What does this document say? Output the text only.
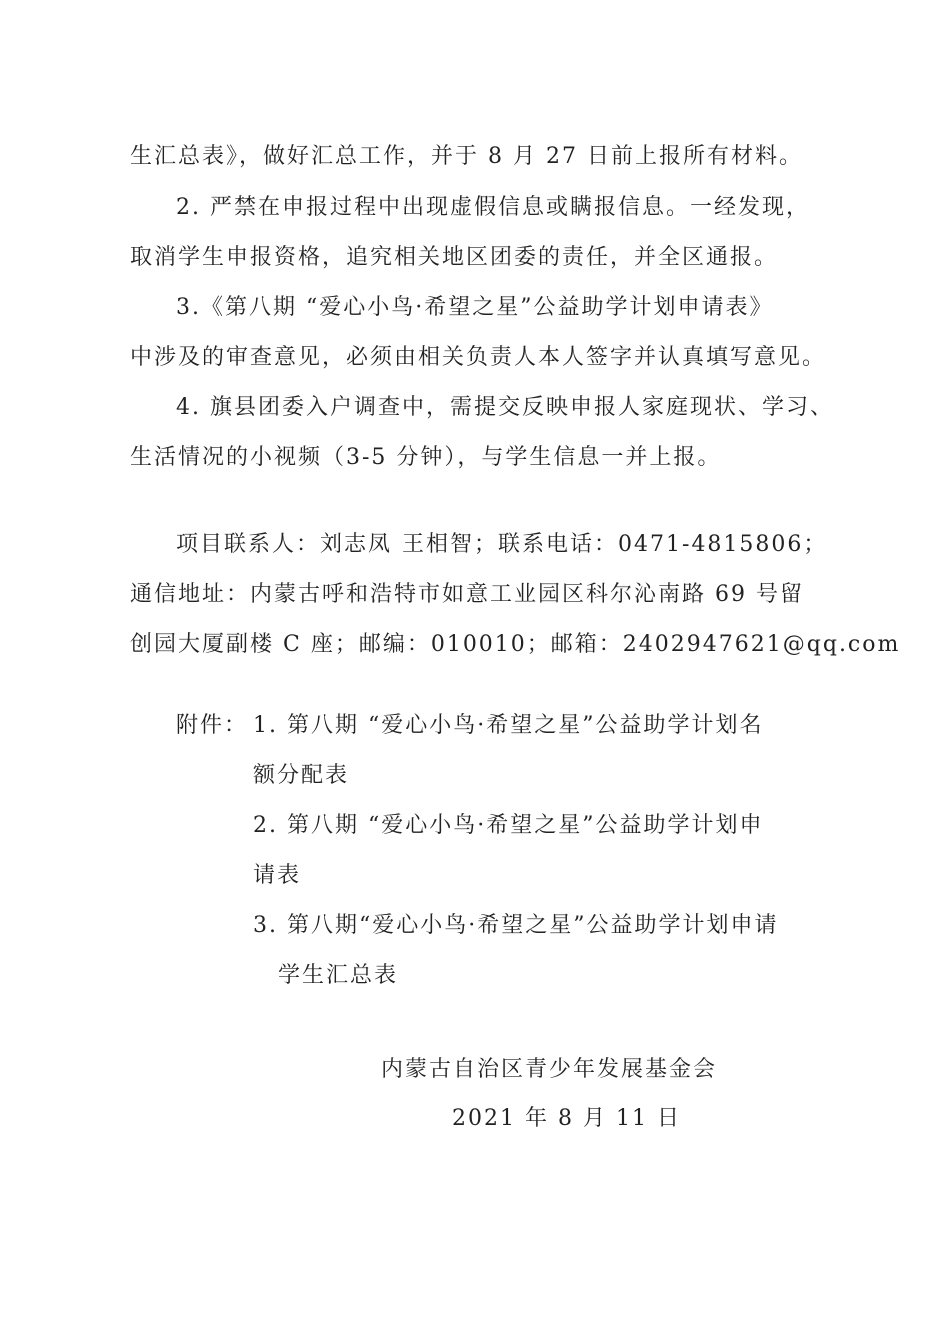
生汇总表》，做好汇总工作，并于 8 月 27 日前上报所有材料。
2. 严禁在申报过程中出现虚假信息或瞒报信息。一经发现，
取消学生申报资格，追究相关地区团委的责任，并全区通报。
3.《第八期 “爱心小鸟·希望之星”公益助学计划申请表》
中涉及的审查意见，必须由相关负责人本人签字并认真填写意见。
4. 旗县团委入户调查中，需提交反映申报人家庭现状、学习、
生活情况的小视频（3-5 分钟），与学生信息一并上报。
项目联系人：刘志凤 王相智；联系电话：0471-4815806；
通信地址：内蒙古呼和浩特市如意工业园区科尔沁南路 69 号留
创园大厦副楼 C 座；邮编：010010；邮箱：2402947621@qq.com
附件： 1. 第八期 “爱心小鸟·希望之星”公益助学计划名
额分配表
2. 第八期 “爱心小鸟·希望之星”公益助学计划申
请表
3. 第八期“爱心小鸟·希望之星”公益助学计划申请
学生汇总表
内蒙古自治区青少年发展基金会
2021 年 8 月 11 日
